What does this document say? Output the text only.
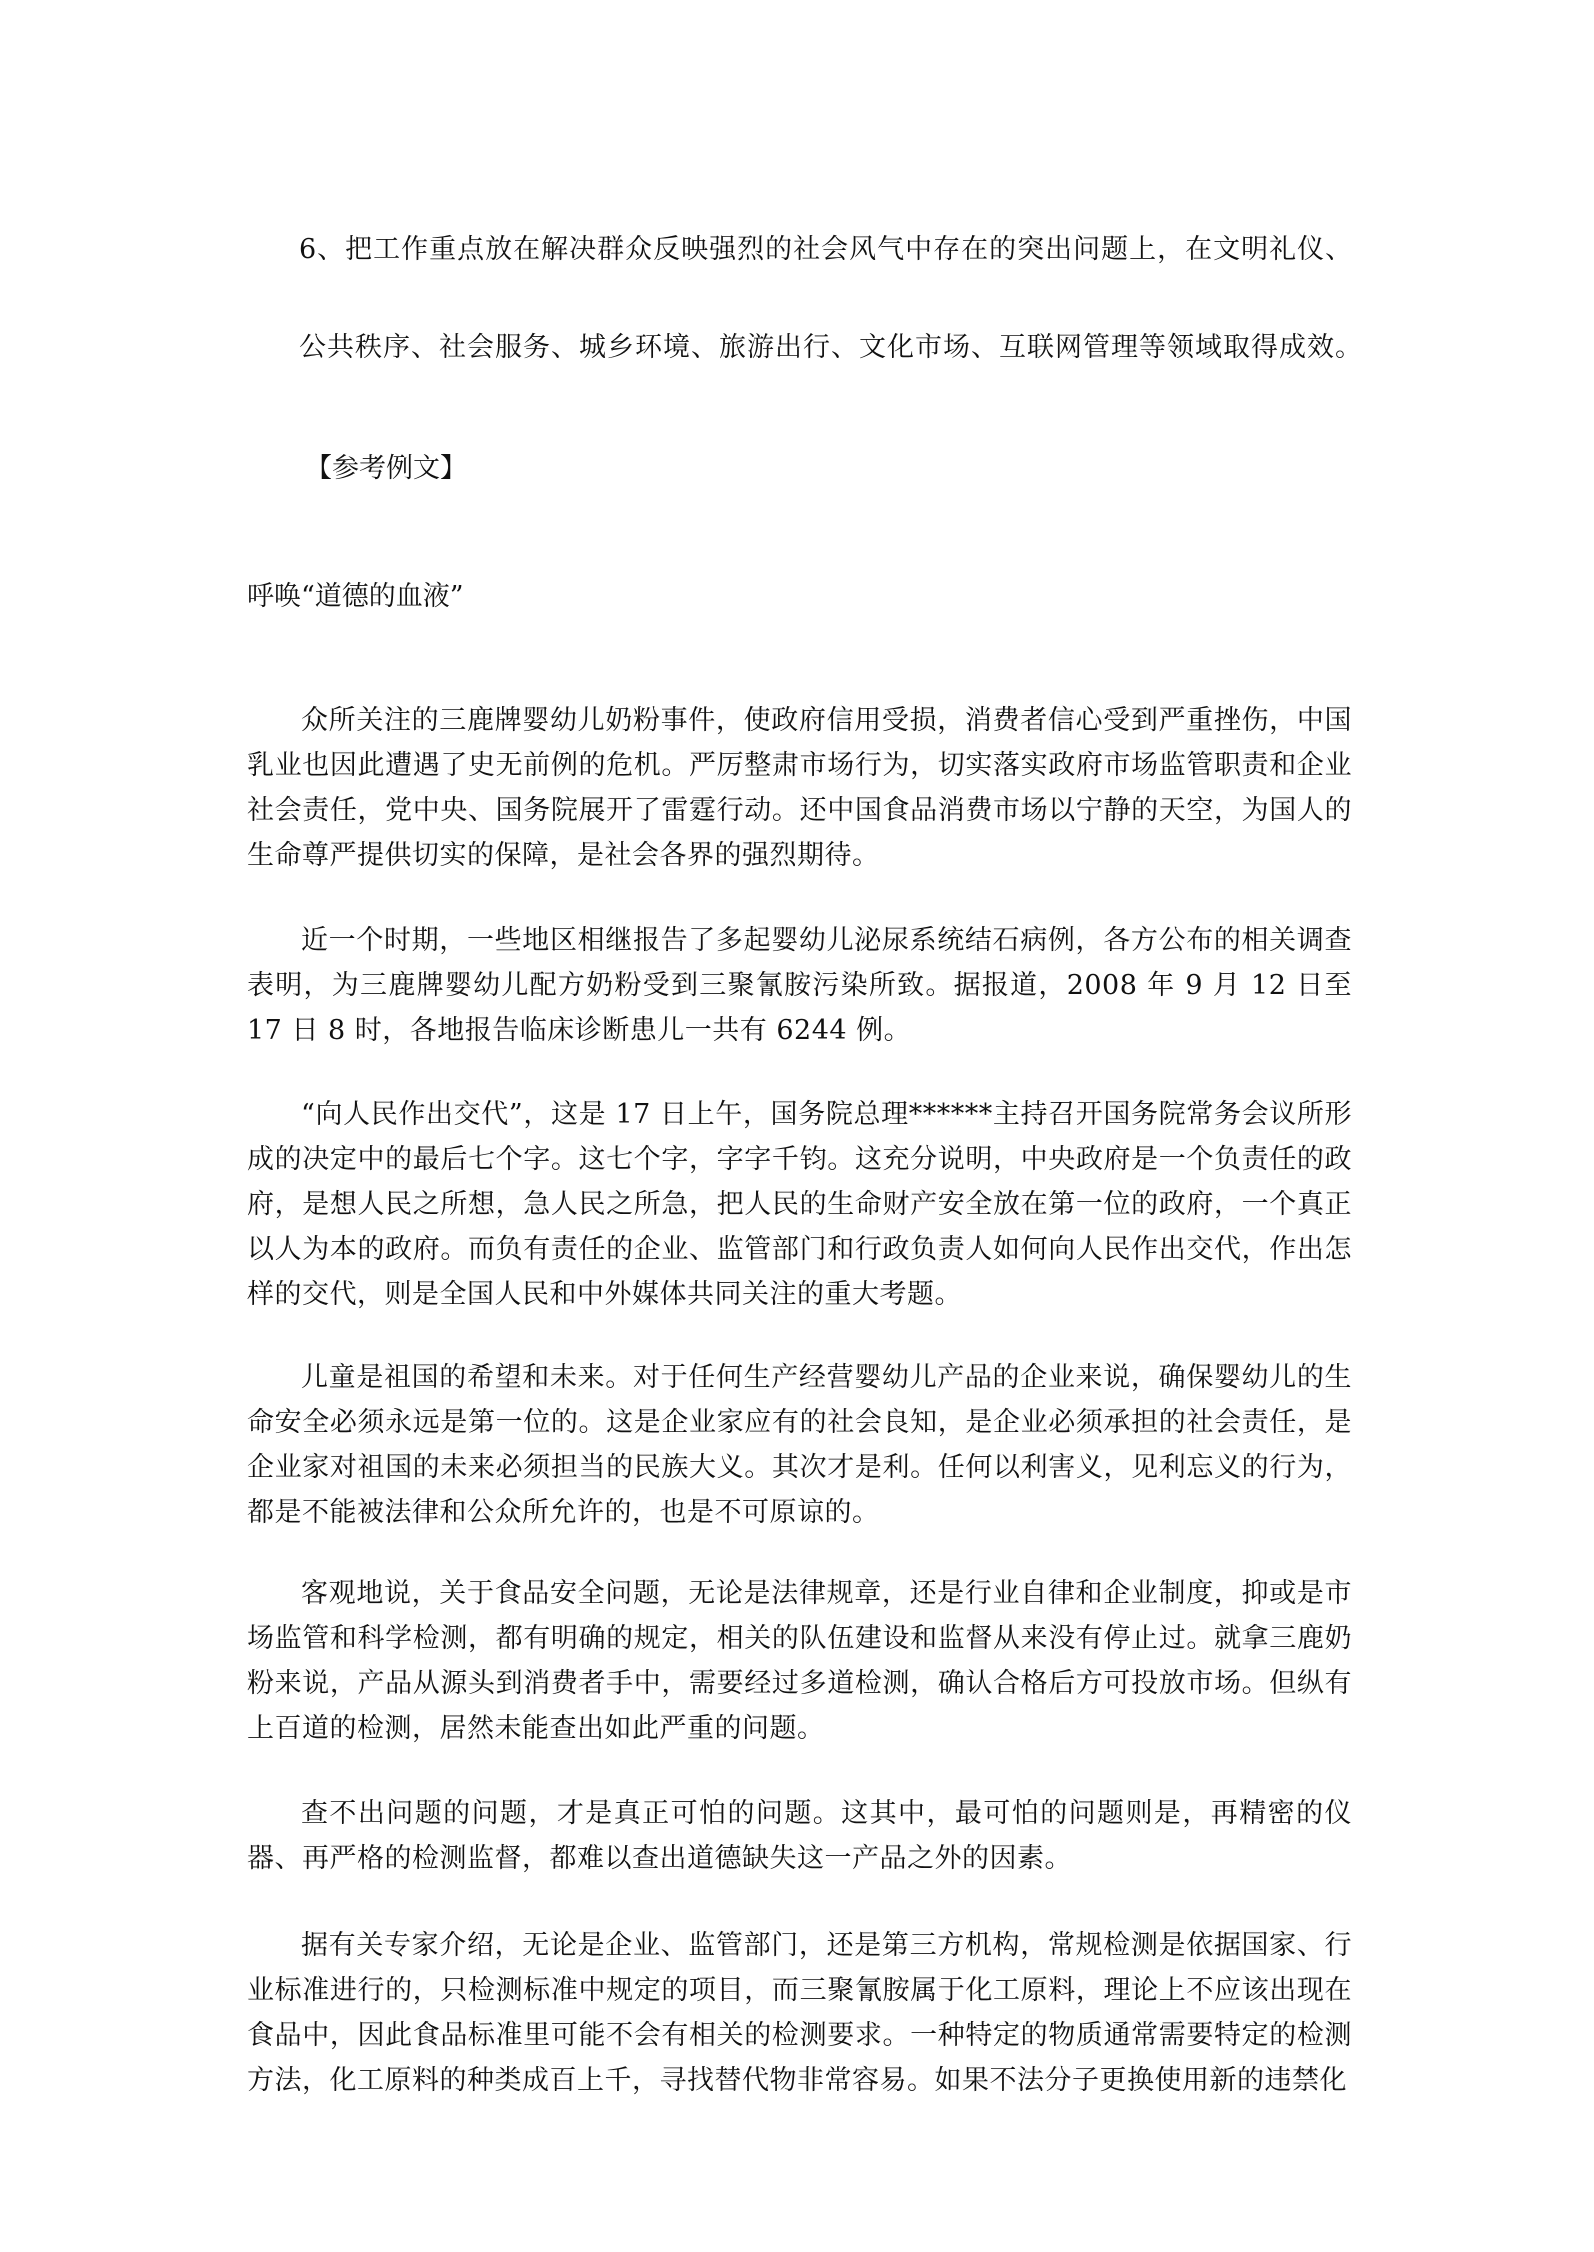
6、把工作重点放在解决群众反映强烈的社会风气中存在的突出问题上，在文明礼仪、
公共秩序、社会服务、城乡环境、旅游出行、文化市场、互联网管理等领域取得成效。
【参考例文】
呼唤“道德的血液”

众所关注的三鹿牌婴幼儿奶粉事件，使政府信用受损，消费者信心受到严重挫伤，中国乳业也因此遭遇了史无前例的危机。严厉整肃市场行为，切实落实政府市场监管职责和企业社会责任，党中央、国务院展开了雷霆行动。还中国食品消费市场以宁静的天空，为国人的生命尊严提供切实的保障，是社会各界的强烈期待。

近一个时期，一些地区相继报告了多起婴幼儿泌尿系统结石病例，各方公布的相关调查表明，为三鹿牌婴幼儿配方奶粉受到三聚氰胺污染所致。据报道，2008 年 9 月 12 日至 17 日 8 时，各地报告临床诊断患儿一共有 6244 例。

“向人民作出交代”，这是 17 日上午，国务院总理******主持召开国务院常务会议所形成的决定中的最后七个字。这七个字，字字千钧。这充分说明，中央政府是一个负责任的政府，是想人民之所想，急人民之所急，把人民的生命财产安全放在第一位的政府，一个真正以人为本的政府。而负有责任的企业、监管部门和行政负责人如何向人民作出交代，作出怎样的交代，则是全国人民和中外媒体共同关注的重大考题。

儿童是祖国的希望和未来。对于任何生产经营婴幼儿产品的企业来说，确保婴幼儿的生命安全必须永远是第一位的。这是企业家应有的社会良知，是企业必须承担的社会责任，是企业家对祖国的未来必须担当的民族大义。其次才是利。任何以利害义，见利忘义的行为，都是不能被法律和公众所允许的，也是不可原谅的。

客观地说，关于食品安全问题，无论是法律规章，还是行业自律和企业制度，抑或是市场监管和科学检测，都有明确的规定，相关的队伍建设和监督从来没有停止过。就拿三鹿奶粉来说，产品从源头到消费者手中，需要经过多道检测，确认合格后方可投放市场。但纵有上百道的检测，居然未能查出如此严重的问题。

查不出问题的问题，才是真正可怕的问题。这其中，最可怕的问题则是，再精密的仪器、再严格的检测监督，都难以查出道德缺失这一产品之外的因素。

据有关专家介绍，无论是企业、监管部门，还是第三方机构，常规检测是依据国家、行业标准进行的，只检测标准中规定的项目，而三聚氰胺属于化工原料，理论上不应该出现在食品中，因此食品标准里可能不会有相关的检测要求。一种特定的物质通常需要特定的检测方法，化工原料的种类成百上千，寻找替代物非常容易。如果不法分子更换使用新的违禁化
